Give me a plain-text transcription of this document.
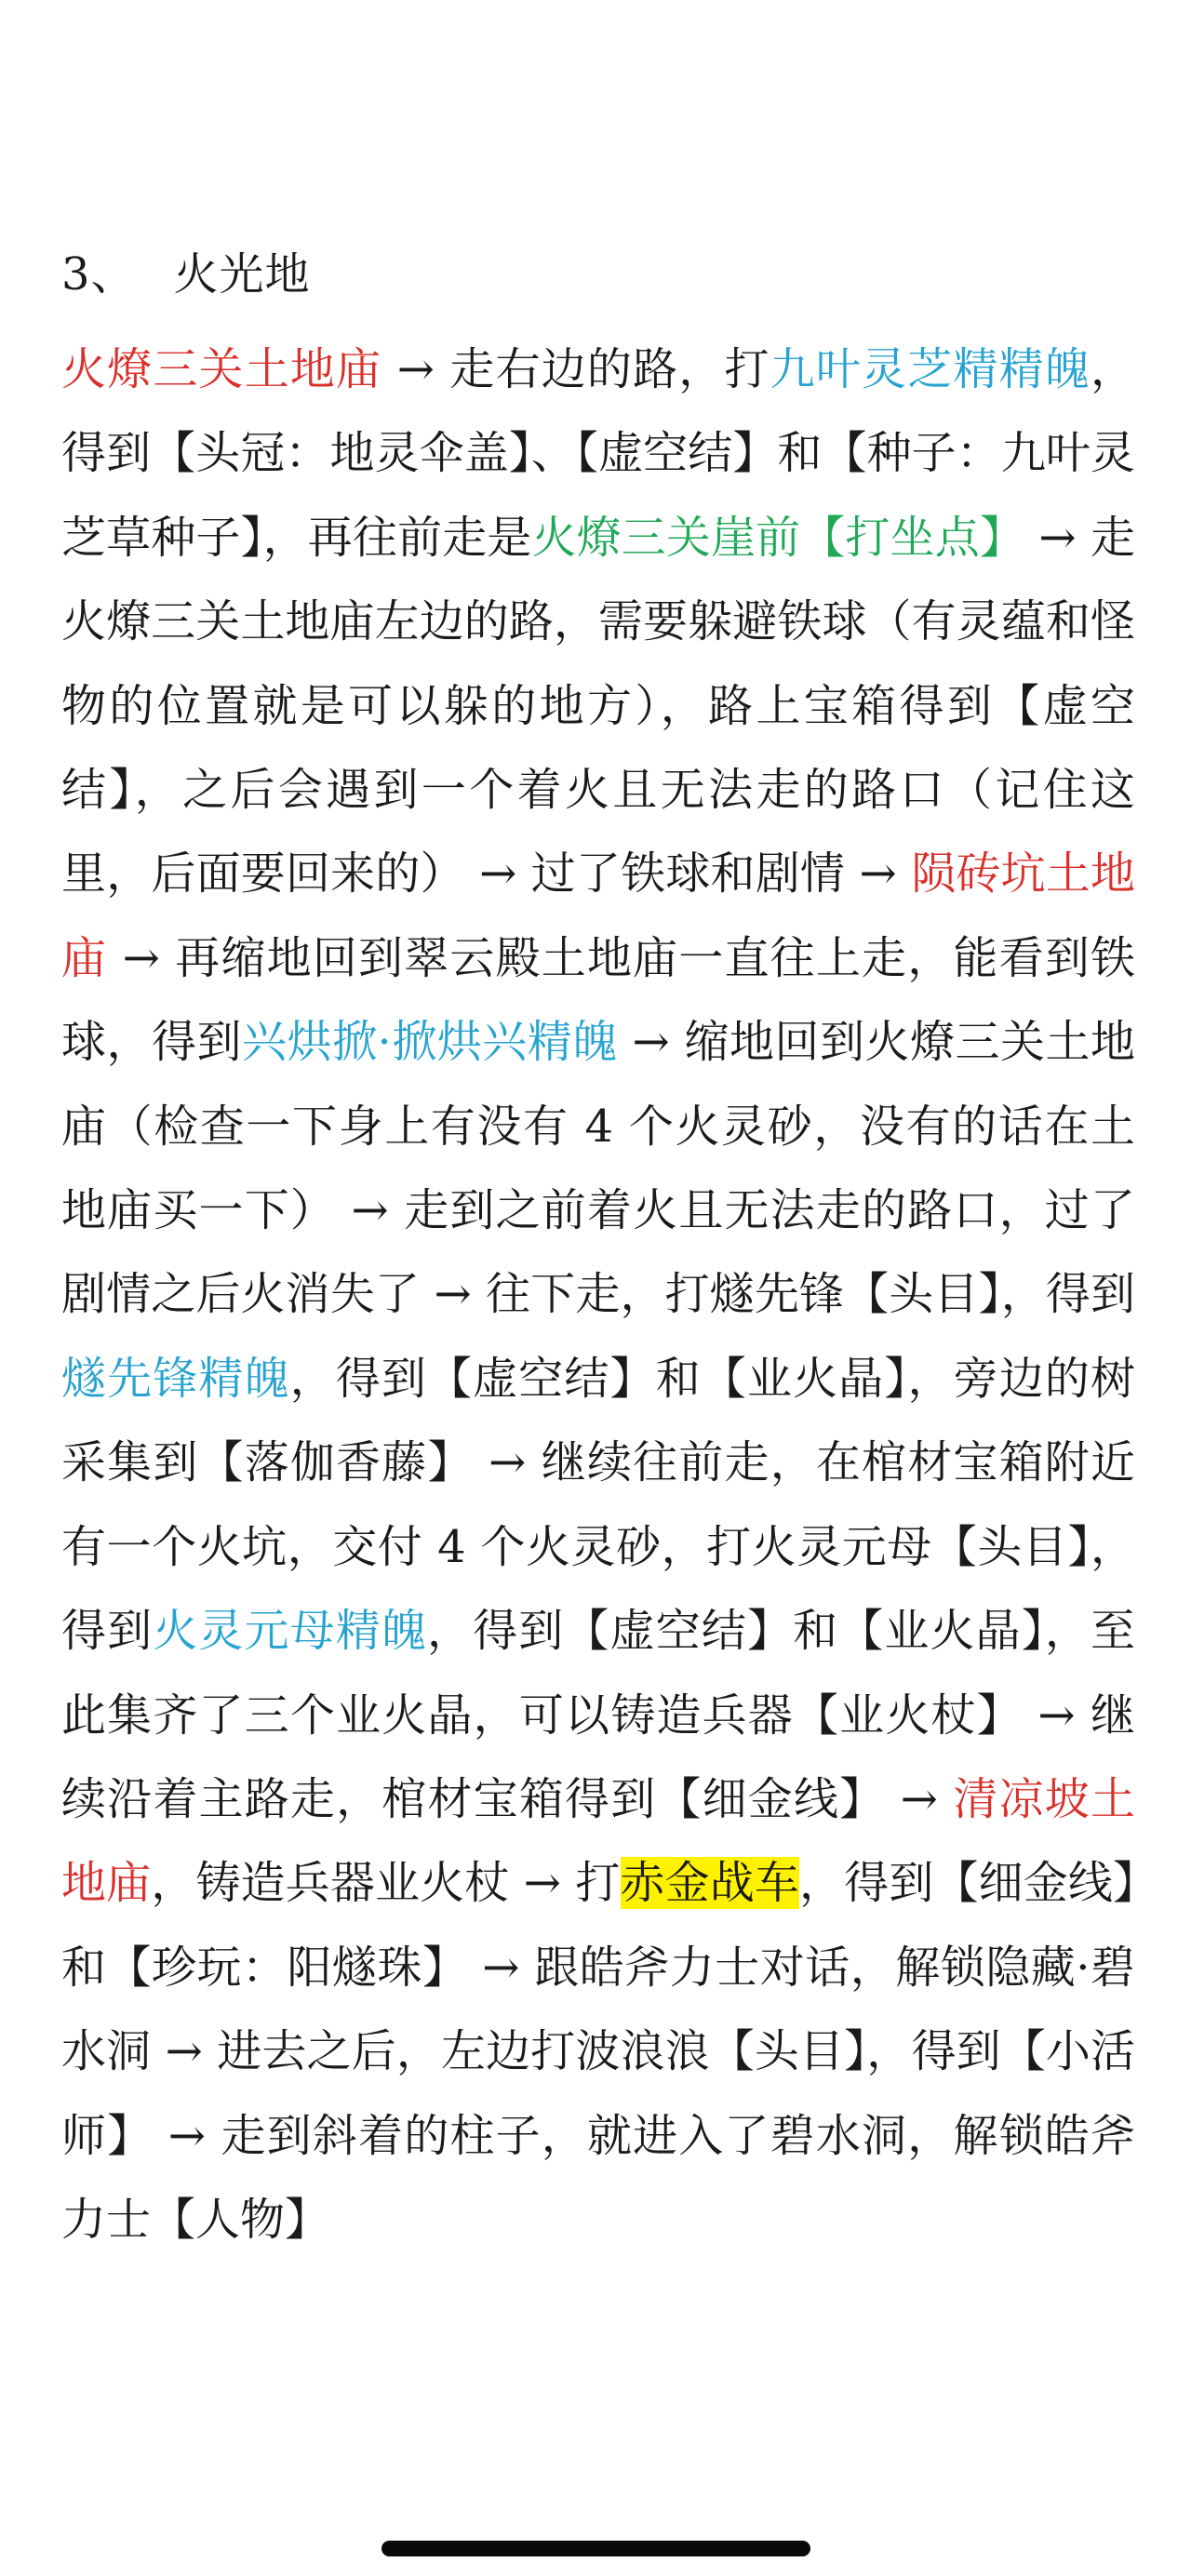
3、 火光地

火燎三关土地庙 → 走右边的路，打九叶灵芝精精魄，得到【头冠：地灵伞盖】、【虚空结】和【种子：九叶灵芝草种子】，再往前走是火燎三关崖前【打坐点】 → 走火燎三关土地庙左边的路，需要躲避铁球（有灵蕴和怪物的位置就是可以躲的地方），路上宝箱得到【虚空结】，之后会遇到一个着火且无法走的路口（记住这里，后面要回来的） → 过了铁球和剧情 → 陨砖坑土地庙 → 再缩地回到翠云殿土地庙一直往上走，能看到铁球，得到兴烘掀·掀烘兴精魄 → 缩地回到火燎三关土地庙（检查一下身上有没有 4 个火灵砂，没有的话在土地庙买一下） → 走到之前着火且无法走的路口，过了剧情之后火消失了 → 往下走，打燧先锋【头目】，得到燧先锋精魄，得到【虚空结】和【业火晶】，旁边的树采集到【落伽香藤】 → 继续往前走，在棺材宝箱附近有一个火坑，交付 4 个火灵砂，打火灵元母【头目】，得到火灵元母精魄，得到【虚空结】和【业火晶】，至此集齐了三个业火晶，可以铸造兵器【业火杖】 → 继续沿着主路走，棺材宝箱得到【细金线】 → 清凉坡土地庙，铸造兵器业火杖 → 打赤金战车，得到【细金线】和【珍玩：阳燧珠】 → 跟皓斧力士对话，解锁隐藏·碧水洞 → 进去之后，左边打波浪浪【头目】，得到【小活师】 → 走到斜着的柱子，就进入了碧水洞，解锁皓斧力士【人物】
